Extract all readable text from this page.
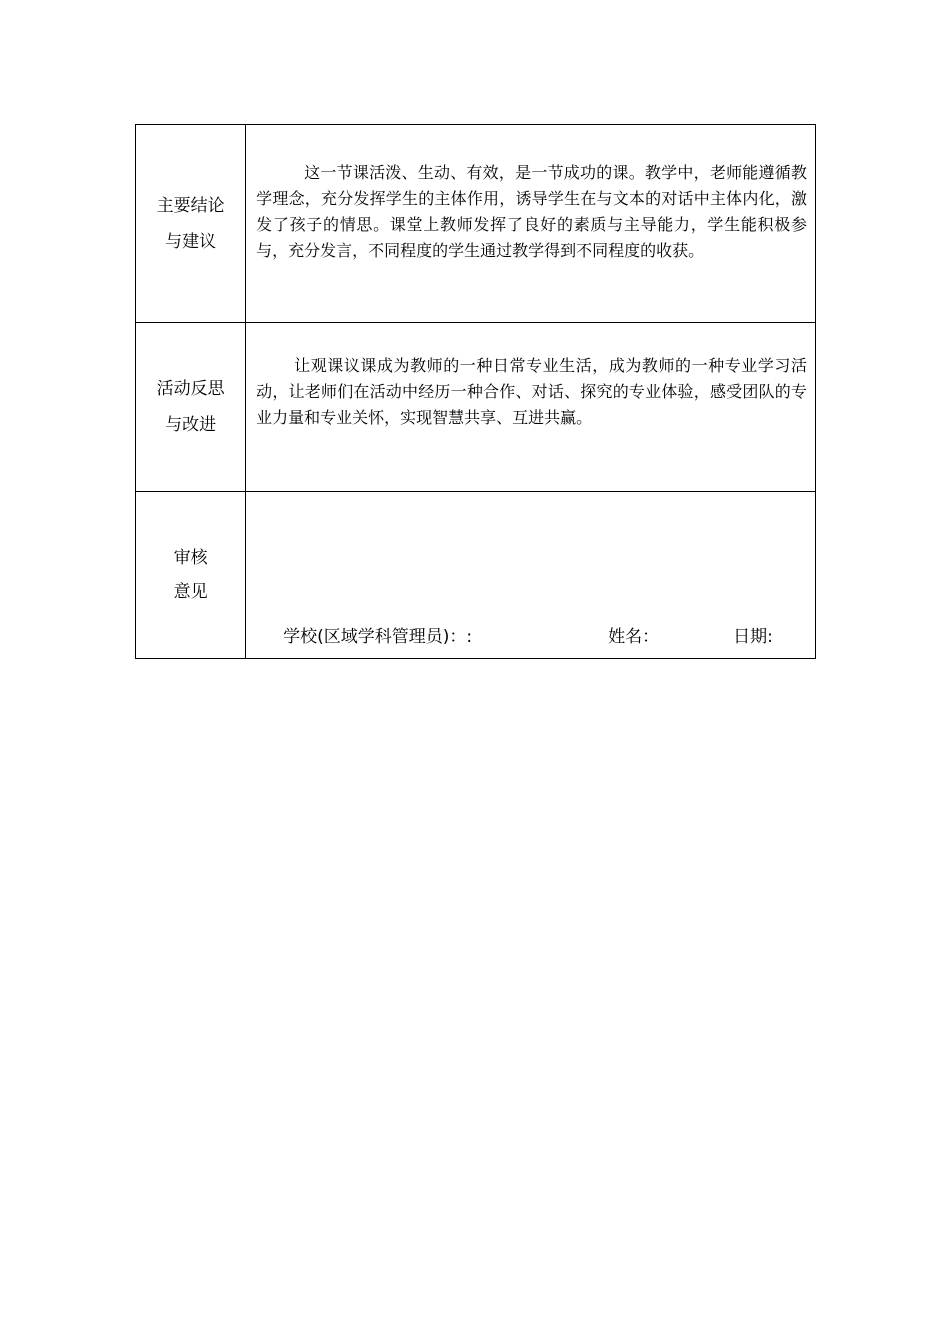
主要结论
与建议	这一节课活泼、生动、有效，是一节成功的课。教学中，老师能遵循教学理念，充分发挥学生的主体作用，诱导学生在与文本的对话中主体内化，激发了孩子的情思。课堂上教师发挥了良好的素质与主导能力，学生能积极参与，充分发言，不同程度的学生通过教学得到不同程度的收获。

活动反思
与改进	让观课议课成为教师的一种日常专业生活，成为教师的一种专业学习活动，让老师们在活动中经历一种合作、对话、探究的专业体验，感受团队的专业力量和专业关怀，实现智慧共享、互进共赢。

审核
意见	学校(区域学科管理员)：: 姓名： 日期:
